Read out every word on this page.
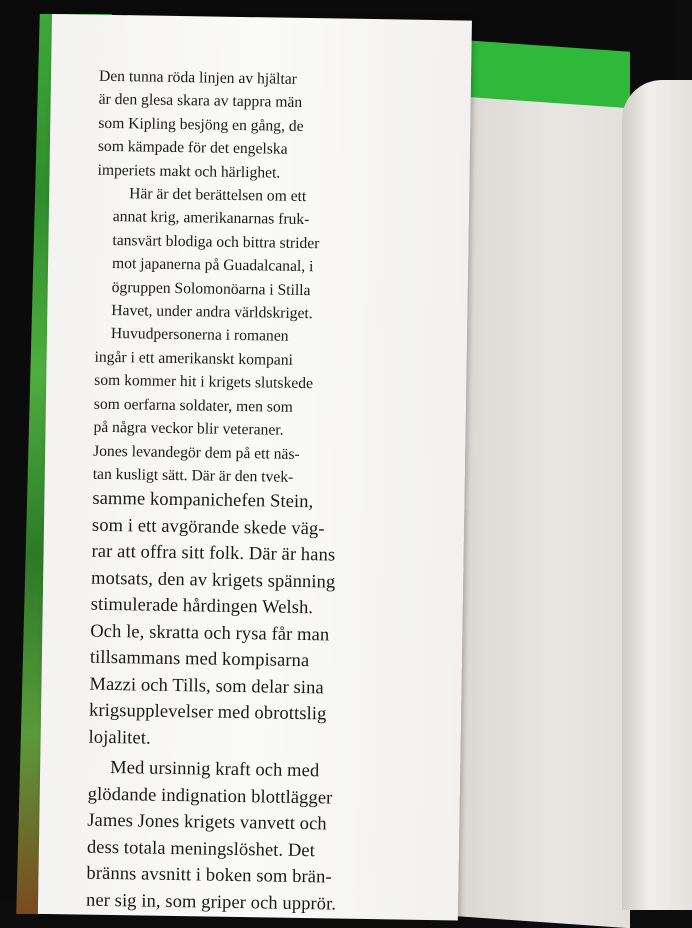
Den tunna röda linjen av hjältar
är den glesa skara av tappra män
som Kipling besjöng en gång, de
som kämpade för det engelska
imperiets makt och härlighet.

Här är det berättelsen om ett
annat krig, amerikanarnas fruk-
tansvärt blodiga och bittra strider
mot japanerna på Guadalcanal, i
ögruppen Solomonöarna i Stilla
Havet, under andra världskriget.

Huvudpersonerna i romanen
ingår i ett amerikanskt kompani
som kommer hit i krigets slutskede
som oerfarna soldater, men som
på några veckor blir veteraner.
Jones levandegör dem på ett näs-
tan kusligt sätt. Där är den tvek-

samme kompanichefen Stein,
som i ett avgörande skede väg-
rar att offra sitt folk. Där är hans
motsats, den av krigets spänning
stimulerade hårdingen Welsh.
Och le, skratta och rysa får man
tillsammans med kompisarna
Mazzi och Tills, som delar sina
krigsupplevelser med obrottslig
lojalitet.

Med ursinnig kraft och med
glödande indignation blottlägger
James Jones krigets vanvett och
dess totala meningslöshet. Det
bränns avsnitt i boken som brän-
ner sig in, som griper och upprör.
